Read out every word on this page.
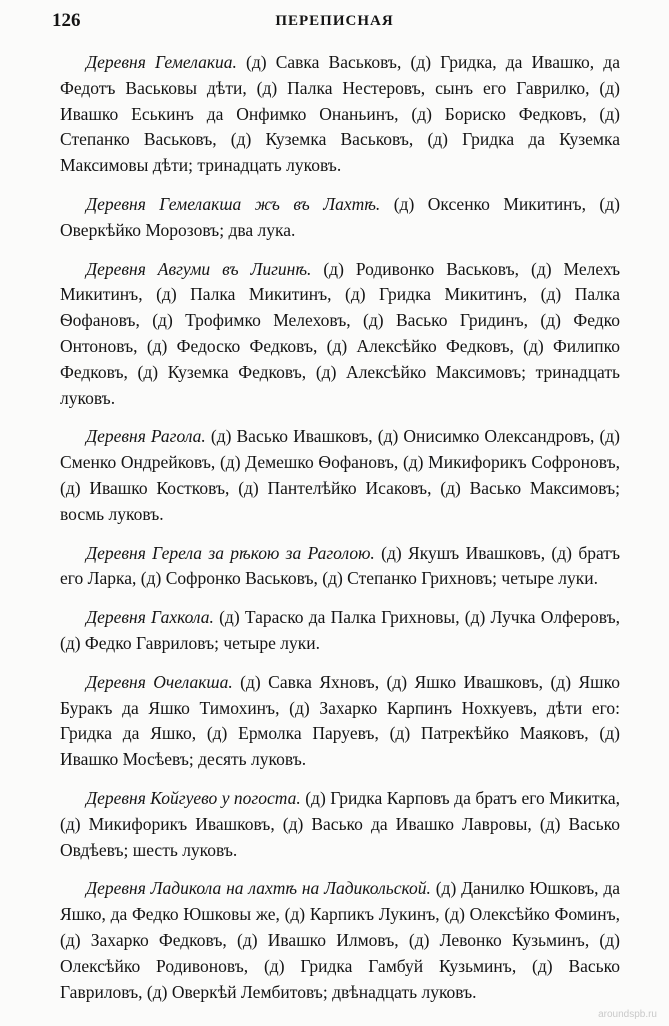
126	ПЕРЕПИСНАЯ

Деревня Гемелакиа. (д) Савка Васьковъ, (д) Гридка, да Ивашко, да Федотъ Васьковы дѣти, (д) Палка Нестеровъ, сынъ его Гаврилко, (д) Ивашко Еськинъ да Онфимко Онаньинъ, (д) Бориско Федковъ, (д) Степанко Васьковъ, (д) Куземка Васьковъ, (д) Гридка да Куземка Максимовы дѣти; тринадцать луковъ.

Деревня Гемелакша жъ въ Лахтѣ. (д) Оксенко Микитинъ, (д) Оверкѣйко Морозовъ; два лука.

Деревня Авгуми въ Лигинѣ. (д) Родивонко Васьковъ, (д) Мелехъ Микитинъ, (д) Палка Микитинъ, (д) Гридка Микитинъ, (д) Палка Ѳофановъ, (д) Трофимко Мелеховъ, (д) Васько Гридинъ, (д) Федко Онтоновъ, (д) Федоско Федковъ, (д) Алексѣйко Федковъ, (д) Филипко Федковъ, (д) Куземка Федковъ, (д) Алексѣйко Максимовъ; тринадцать луковъ.

Деревня Рагола. (д) Васько Ивашковъ, (д) Онисимко Олександровъ, (д) Сменко Ондрейковъ, (д) Демешко Ѳофановъ, (д) Микифорикъ Софроновъ, (д) Ивашко Костковъ, (д) Пантелѣйко Исаковъ, (д) Васько Максимовъ; восмь луковъ.

Деревня Герела за рѣкою за Раголою. (д) Якушъ Ивашковъ, (д) братъ его Ларка, (д) Софронко Васьковъ, (д) Степанко Грихновъ; четыре луки.

Деревня Гахкола. (д) Тараско да Палка Грихновы, (д) Лучка Олферовъ, (д) Федко Гавриловъ; четыре луки.

Деревня Очелакша. (д) Савка Яхновъ, (д) Яшко Ивашковъ, (д) Яшко Буракъ да Яшко Тимохинъ, (д) Захарко Карпинъ Нохкуевъ, дѣти его: Гридка да Яшко, (д) Ермолка Паруевъ, (д) Патрекѣйко Маяковъ, (д) Ивашко Мосѣевъ; десять луковъ.

Деревня Койгуево у погоста. (д) Гридка Карповъ да братъ его Микитка, (д) Микифорикъ Ивашковъ, (д) Васько да Ивашко Лавровы, (д) Васько Овдѣевъ; шесть луковъ.

Деревня Ладикола на лахтѣ на Ладикольской. (д) Данилко Юшковъ, да Яшко, да Федко Юшковы же, (д) Карпикъ Лукинъ, (д) Олексѣйко Фоминъ, (д) Захарко Федковъ, (д) Ивашко Илмовъ, (д) Левонко Кузьминъ, (д) Олексѣйко Родивоновъ, (д) Гридка Гамбуй Кузьминъ, (д) Васько Гавриловъ, (д) Оверкѣй Лембитовъ; двѣнадцать луковъ.

aroundspb.ru
